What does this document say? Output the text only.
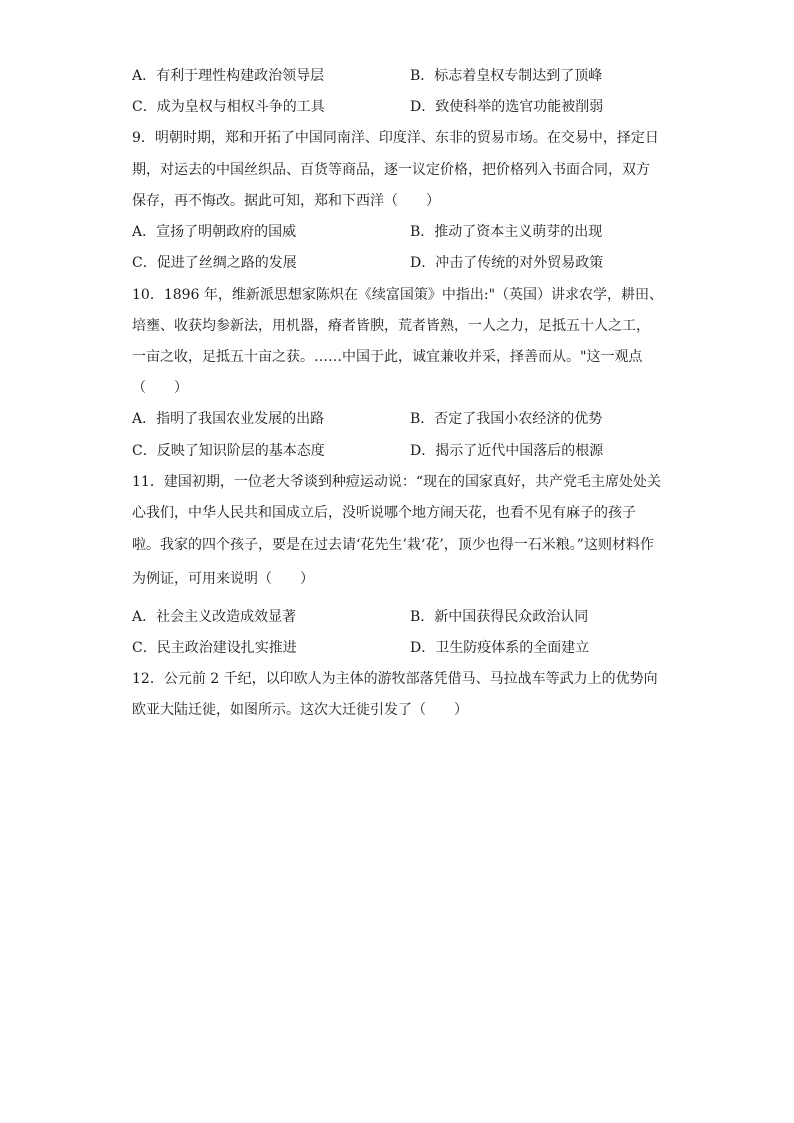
A．有利于理性构建政治领导层	B．标志着皇权专制达到了顶峰
C．成为皇权与相权斗争的工具	D．致使科举的选官功能被削弱
9．明朝时期，郑和开拓了中国同南洋、印度洋、东非的贸易市场。在交易中，择定日
期，对运去的中国丝织品、百货等商品，逐一议定价格，把价格列入书面合同，双方
保存，再不悔改。据此可知，郑和下西洋（　　）
A．宣扬了明朝政府的国威	B．推动了资本主义萌芽的出现
C．促进了丝绸之路的发展	D．冲击了传统的对外贸易政策
10．1896 年，维新派思想家陈炽在《续富国策》中指出:"（英国）讲求农学，耕田、
培壅、收获均参新法，用机器，瘠者皆腴，荒者皆熟，一人之力，足抵五十人之工，
一亩之收，足抵五十亩之获。……中国于此，诚宜兼收并采，择善而从。"这一观点
（　　）
A．指明了我国农业发展的出路	B．否定了我国小农经济的优势
C．反映了知识阶层的基本态度	D．揭示了近代中国落后的根源
11．建国初期，一位老大爷谈到种痘运动说：“现在的国家真好，共产党毛主席处处关
心我们，中华人民共和国成立后，没听说哪个地方闹天花，也看不见有麻子的孩子
啦。我家的四个孩子，要是在过去请‘花先生’栽‘花’，顶少也得一石米粮。”这则材料作
为例证，可用来说明（　　）
A．社会主义改造成效显著	B．新中国获得民众政治认同
C．民主政治建设扎实推进	D．卫生防疫体系的全面建立
12．公元前 2 千纪，以印欧人为主体的游牧部落凭借马、马拉战车等武力上的优势向
欧亚大陆迁徙，如图所示。这次大迁徙引发了（　　）
